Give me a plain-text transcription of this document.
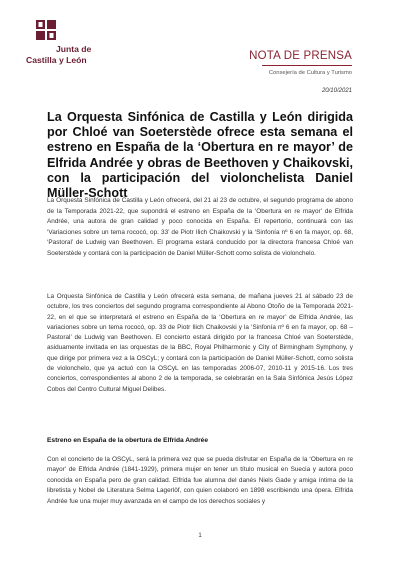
Junta de
Castilla y León	NOTA DE PRENSA
Consejería de Cultura y Turismo
20/10/2021
La Orquesta Sinfónica de Castilla y León dirigida por Chloé van Soeterstède ofrece esta semana el estreno en España de la ‘Obertura en re mayor’ de Elfrida Andrée y obras de Beethoven y Chaikovski, con la participación del violonchelista Daniel Müller-Schott

La Orquesta Sinfónica de Castilla y León ofrecerá, del 21 al 23 de octubre, el segundo programa de abono de la Temporada 2021-22, que supondrá el estreno en España de la ‘Obertura en re mayor’ de Elfrida Andrée, una autora de gran calidad y poco conocida en España. El repertorio, continuará con las ‘Variaciones sobre un tema rococó, op. 33’ de Piotr Ilich Chaikovski y la ‘Sinfonía nº 6 en fa mayor, op. 68, ‘Pastoral’ de Ludwig van Beethoven. El programa estará conducido por la directora francesa Chloé van Soeterstède y contará con la participación de Daniel Müller-Schott como solista de violonchelo.

La Orquesta Sinfónica de Castilla y León ofrecerá esta semana, de mañana jueves 21 al sábado 23 de octubre, los tres conciertos del segundo programa correspondiente al Abono Otoño de la Temporada 2021-22, en el que se interpretará el estreno en España de la ‘Obertura en re mayor’ de Elfrida Andrée, las variaciones sobre un tema rococó, op. 33 de Piotr Ilich Chaikovski y la ‘Sinfonía nº 6 en fa mayor, op. 68 – Pastoral’ de Ludwig van Beethoven. El concierto estará dirigido por la francesa Chloé van Soeterstède, asiduamente invitada en las orquestas de la BBC, Royal Philharmonic y City of Birmingham Symphony, y que dirige por primera vez a la OSCyL; y contará con la participación de Daniel Müller-Schott, como solista de violonchelo, que ya actuó con la OSCyL en las temporadas 2006-07, 2010-11 y 2015-16. Los tres conciertos, correspondientes al abono 2 de la temporada, se celebrarán en la Sala Sinfónica Jesús López Cobos del Centro Cultural Miguel Delibes.

Estreno en España de la obertura de Elfrida Andrée

Con el concierto de la OSCyL, será la primera vez que se pueda disfrutar en España de la ‘Obertura en re mayor’ de Elfrida Andrée (1841-1929), primera mujer en tener un título musical en Suecia y autora poco conocida en España pero de gran calidad. Elfrida fue alumna del danés Niels Gade y amiga íntima de la libretista y Nobel de Literatura Selma Lagerlöf, con quien colaboró en 1898 escribiendo una ópera. Elfrida Andrée fue una mujer muy avanzada en el campo de los derechos sociales y

1
